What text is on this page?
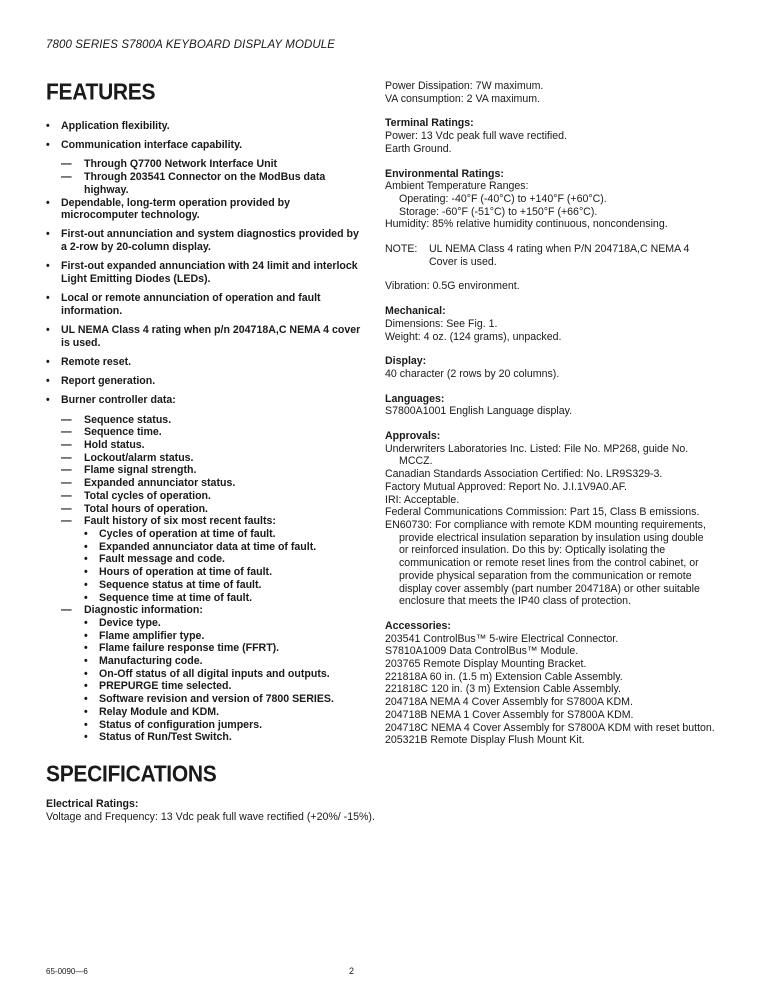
7800 SERIES S7800A KEYBOARD DISPLAY MODULE
FEATURES
• Application flexibility.
• Communication interface capability.
— Through Q7700 Network Interface Unit
— Through 203541 Connector on the ModBus data highway.
• Dependable, long-term operation provided by microcomputer technology.
• First-out annunciation and system diagnostics provided by a 2-row by 20-column display.
• First-out expanded annunciation with 24 limit and interlock Light Emitting Diodes (LEDs).
• Local or remote annunciation of operation and fault information.
• UL NEMA Class 4 rating when p/n 204718A,C NEMA 4 cover is used.
• Remote reset.
• Report generation.
• Burner controller data:
— Sequence status.
— Sequence time.
— Hold status.
— Lockout/alarm status.
— Flame signal strength.
— Expanded annunciator status.
— Total cycles of operation.
— Total hours of operation.
— Fault history of six most recent faults:
• Cycles of operation at time of fault.
• Expanded annunciator data at time of fault.
• Fault message and code.
• Hours of operation at time of fault.
• Sequence status at time of fault.
• Sequence time at time of fault.
— Diagnostic information:
• Device type.
• Flame amplifier type.
• Flame failure response time (FFRT).
• Manufacturing code.
• On-Off status of all digital inputs and outputs.
• PREPURGE time selected.
• Software revision and version of 7800 SERIES.
• Relay Module and KDM.
• Status of configuration jumpers.
• Status of Run/Test Switch.
SPECIFICATIONS
Electrical Ratings:
Voltage and Frequency: 13 Vdc peak full wave rectified (+20%/ -15%).
Power Dissipation: 7W maximum.
VA consumption: 2 VA maximum.
Terminal Ratings:
Power: 13 Vdc peak full wave rectified.
Earth Ground.
Environmental Ratings:
Ambient Temperature Ranges:
Operating: -40°F (-40°C) to +140°F (+60°C).
Storage: -60°F (-51°C) to +150°F (+66°C).
Humidity: 85% relative humidity continuous, noncondensing.
NOTE:	UL NEMA Class 4 rating when P/N 204718A,C NEMA 4 Cover is used.
Vibration: 0.5G environment.
Mechanical:
Dimensions: See Fig. 1.
Weight: 4 oz. (124 grams), unpacked.
Display:
40 character (2 rows by 20 columns).
Languages:
S7800A1001 English Language display.
Approvals:
Underwriters Laboratories Inc. Listed: File No. MP268, guide No. MCCZ.
Canadian Standards Association Certified: No. LR9S329-3.
Factory Mutual Approved: Report No. J.I.1V9A0.AF.
IRI: Acceptable.
Federal Communications Commission: Part 15, Class B emissions.
EN60730: For compliance with remote KDM mounting requirements, provide electrical insulation separation by insulation using double or reinforced insulation. Do this by: Optically isolating the communication or remote reset lines from the control cabinet, or provide physical separation from the communication or remote display cover assembly (part number 204718A) or other suitable enclosure that meets the IP40 class of protection.
Accessories:
203541 ControlBus™ 5-wire Electrical Connector.
S7810A1009 Data ControlBus™ Module.
203765 Remote Display Mounting Bracket.
221818A 60 in. (1.5 m) Extension Cable Assembly.
221818C 120 in. (3 m) Extension Cable Assembly.
204718A NEMA 4 Cover Assembly for S7800A KDM.
204718B NEMA 1 Cover Assembly for S7800A KDM.
204718C NEMA 4 Cover Assembly for S7800A KDM with reset button.
205321B Remote Display Flush Mount Kit.
65-0090—6	2
